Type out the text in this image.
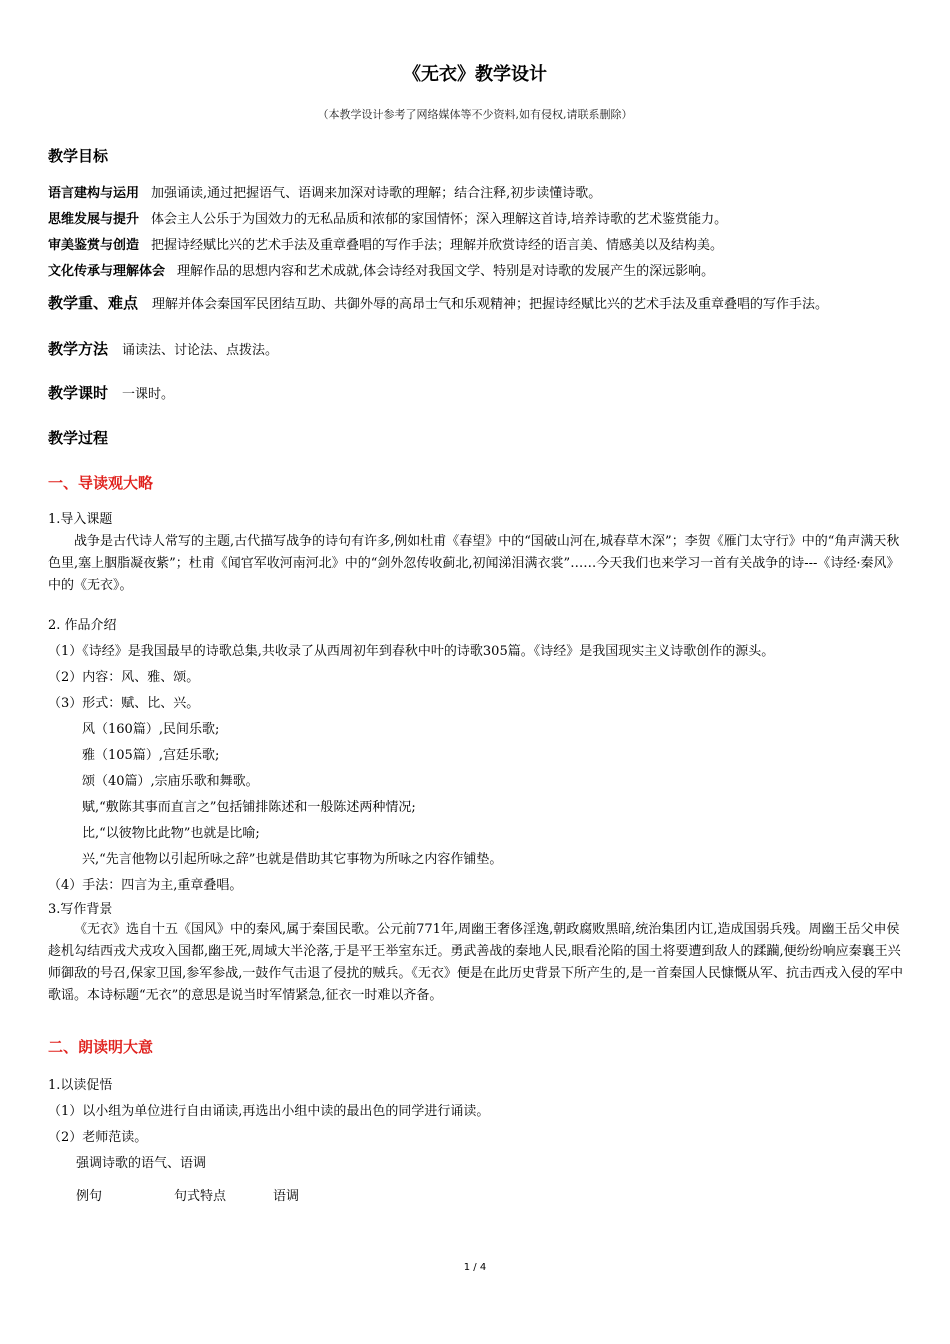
《无衣》教学设计
（本教学设计参考了网络媒体等不少资料,如有侵权,请联系删除）
教学目标
语言建构与运用 加强诵读,通过把握语气、语调来加深对诗歌的理解；结合注释,初步读懂诗歌。
思维发展与提升 体会主人公乐于为国效力的无私品质和浓郁的家国情怀；深入理解这首诗,培养诗歌的艺术鉴赏能力。
审美鉴赏与创造 把握诗经赋比兴的艺术手法及重章叠唱的写作手法；理解并欣赏诗经的语言美、情感美以及结构美。
文化传承与理解体会 理解作品的思想内容和艺术成就,体会诗经对我国文学、特别是对诗歌的发展产生的深远影响。
教学重、难点 理解并体会秦国军民团结互助、共御外辱的高昂士气和乐观精神；把握诗经赋比兴的艺术手法及重章叠唱的写作手法。
教学方法 诵读法、讨论法、点拨法。
教学课时 一课时。
教学过程
一、导读观大略
1.导入课题
战争是古代诗人常写的主题,古代描写战争的诗句有许多,例如杜甫《春望》中的“国破山河在,城春草木深”；李贺《雁门太守行》中的“角声满天秋色里,塞上胭脂凝夜紫”；杜甫《闻官军收河南河北》中的“剑外忽传收蓟北,初闻涕泪满衣裳”……今天我们也来学习一首有关战争的诗---《诗经·秦风》中的《无衣》。
2. 作品介绍
（1）《诗经》是我国最早的诗歌总集,共收录了从西周初年到春秋中叶的诗歌305篇。《诗经》是我国现实主义诗歌创作的源头。
（2）内容：风、雅、颂。
（3）形式：赋、比、兴。
风（160篇）,民间乐歌;
雅（105篇）,宫廷乐歌;
颂（40篇）,宗庙乐歌和舞歌。
赋,“敷陈其事而直言之”包括铺排陈述和一般陈述两种情况;
比,“以彼物比此物”也就是比喻;
兴,“先言他物以引起所咏之辞”也就是借助其它事物为所咏之内容作铺垫。
（4）手法：四言为主,重章叠唱。
3.写作背景
《无衣》选自十五《国风》中的秦风,属于秦国民歌。公元前771年,周幽王奢侈淫逸,朝政腐败黑暗,统治集团内讧,造成国弱兵残。周幽王岳父申侯趁机勾结西戎犬戎攻入国都,幽王死,周域大半沦落,于是平王举室东迁。勇武善战的秦地人民,眼看沦陷的国土将要遭到敌人的蹂躏,便纷纷响应秦襄王兴师御敌的号召,保家卫国,参军参战,一鼓作气击退了侵扰的贼兵。《无衣》便是在此历史背景下所产生的,是一首秦国人民慷慨从军、抗击西戎入侵的军中歌谣。本诗标题“无衣”的意思是说当时军情紧急,征衣一时难以齐备。
二、朗读明大意
1.以读促悟
（1）以小组为单位进行自由诵读,再选出小组中读的最出色的同学进行诵读。
（2）老师范读。
强调诗歌的语气、语调
例句	句式特点	语调
1 / 4
